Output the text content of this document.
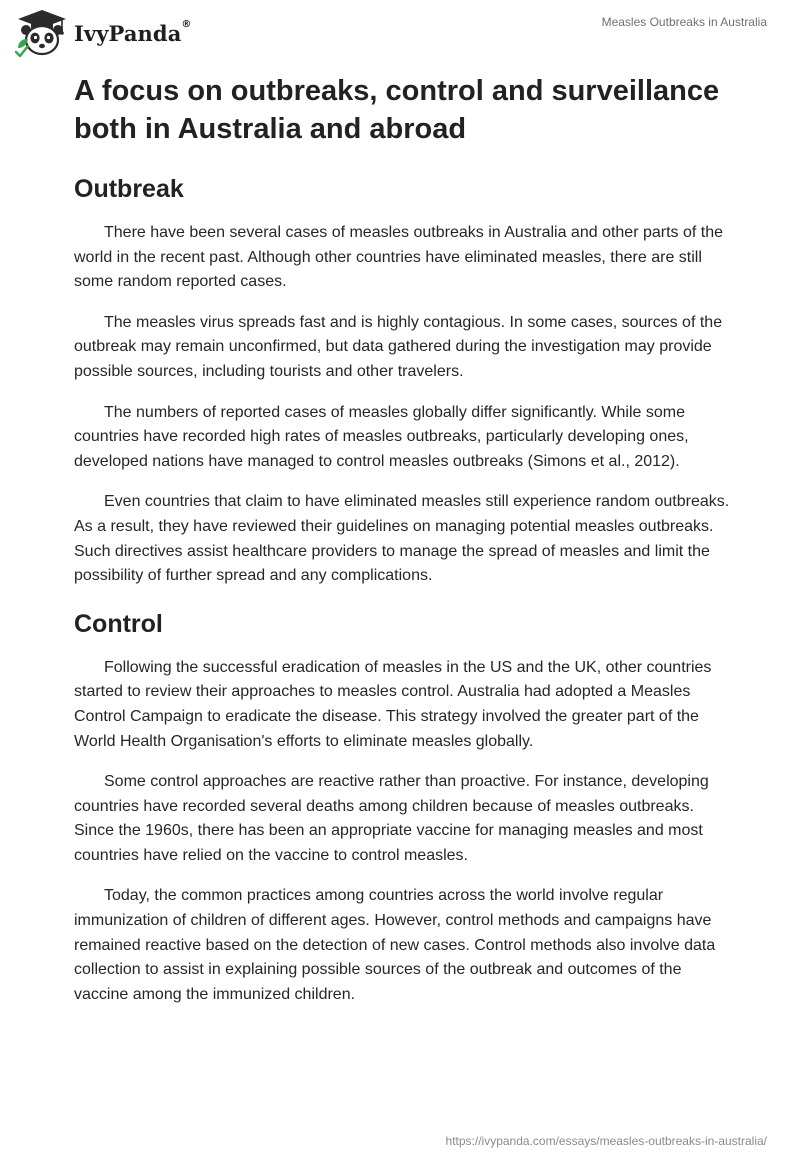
IvyPanda®	Measles Outbreaks in Australia
A focus on outbreaks, control and surveillance both in Australia and abroad
Outbreak

There have been several cases of measles outbreaks in Australia and other parts of the world in the recent past. Although other countries have eliminated measles, there are still some random reported cases.

The measles virus spreads fast and is highly contagious. In some cases, sources of the outbreak may remain unconfirmed, but data gathered during the investigation may provide possible sources, including tourists and other travelers.

The numbers of reported cases of measles globally differ significantly. While some countries have recorded high rates of measles outbreaks, particularly developing ones, developed nations have managed to control measles outbreaks (Simons et al., 2012).

Even countries that claim to have eliminated measles still experience random outbreaks. As a result, they have reviewed their guidelines on managing potential measles outbreaks. Such directives assist healthcare providers to manage the spread of measles and limit the possibility of further spread and any complications.

Control

Following the successful eradication of measles in the US and the UK, other countries started to review their approaches to measles control. Australia had adopted a Measles Control Campaign to eradicate the disease. This strategy involved the greater part of the World Health Organisation's efforts to eliminate measles globally.

Some control approaches are reactive rather than proactive. For instance, developing countries have recorded several deaths among children because of measles outbreaks. Since the 1960s, there has been an appropriate vaccine for managing measles and most countries have relied on the vaccine to control measles.

Today, the common practices among countries across the world involve regular immunization of children of different ages. However, control methods and campaigns have remained reactive based on the detection of new cases. Control methods also involve data collection to assist in explaining possible sources of the outbreak and outcomes of the vaccine among the immunized children.

https://ivypanda.com/essays/measles-outbreaks-in-australia/
